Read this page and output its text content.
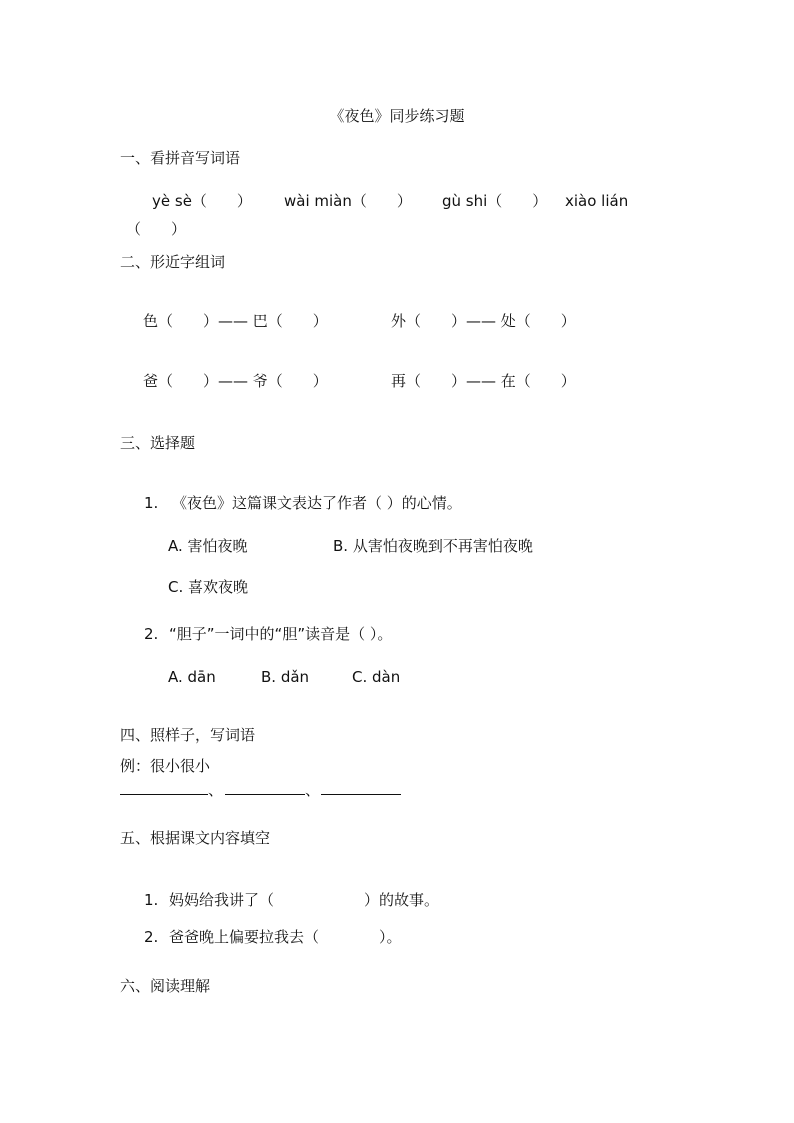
《夜色》同步练习题
一、看拼音写词语
yè sè（　　） wài miàn（　　） gù shi（　　） xiào lián
（　　）
二、形近字组词
色（　　）—— 巴（　　）	外（　　）—— 处（　　）
爸（　　）—— 爷（　　）	再（　　）—— 在（　　）
三、选择题
1. 《夜色》这篇课文表达了作者（ ）的心情。
A. 害怕夜晚	B. 从害怕夜晚到不再害怕夜晚
C. 喜欢夜晚
2. “胆子”一词中的“胆”读音是（ ）。
A. dān	B. dǎn	C. dàn
四、照样子，写词语
例：很小很小
、	、
五、根据课文内容填空
1. 妈妈给我讲了（　　　　　　）的故事。
2. 爸爸晚上偏要拉我去（　　　　）。
六、阅读理解
